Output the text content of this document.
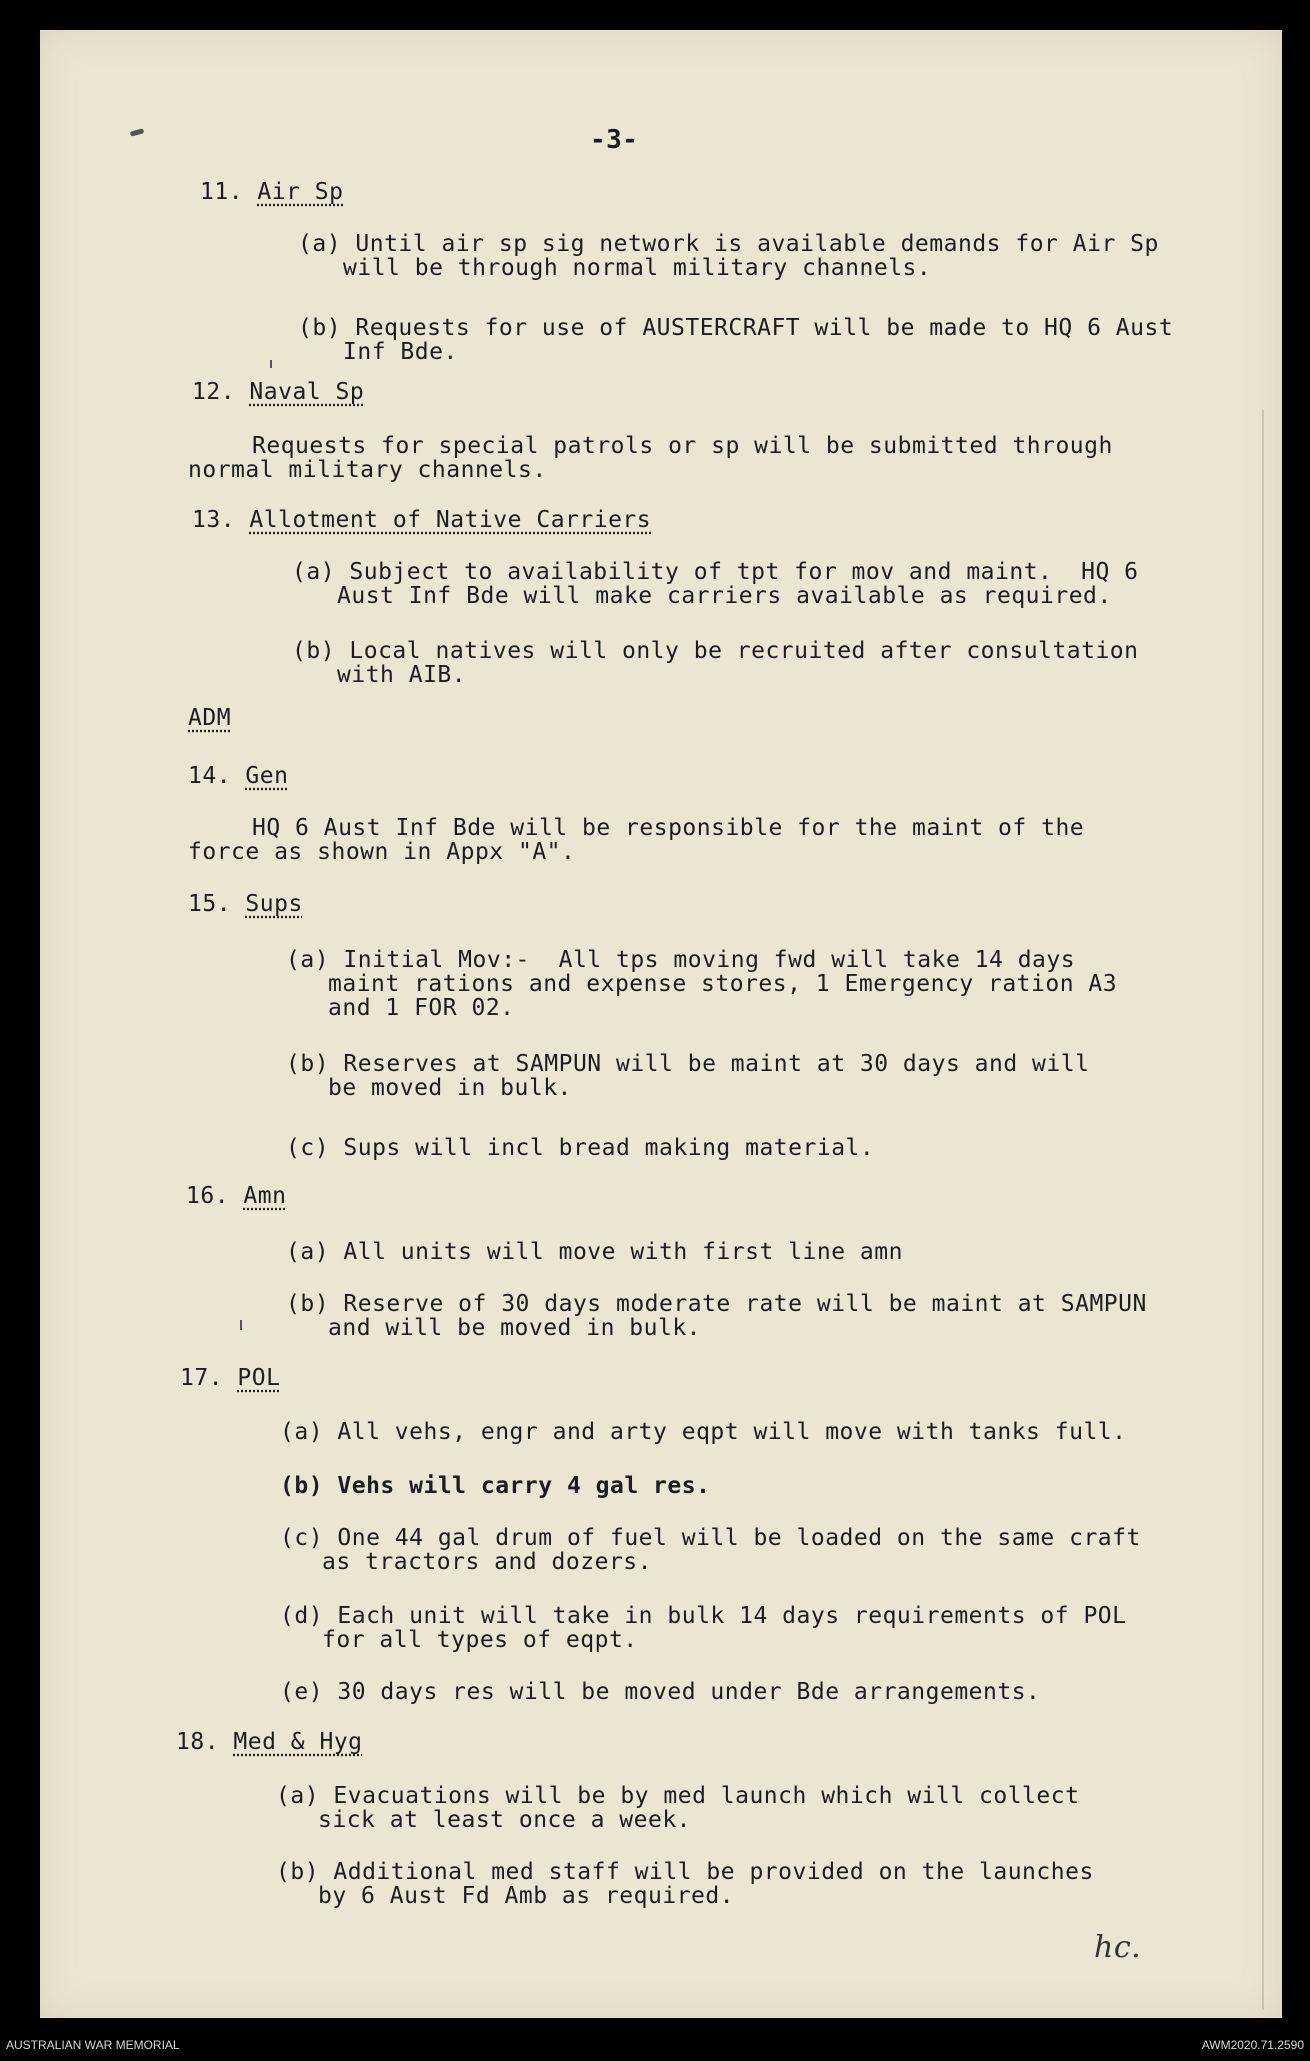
-3-
11. Air Sp
(a) Until air sp sig network is available demands for Air Sp
will be through normal military channels.
(b) Requests for use of AUSTERCRAFT will be made to HQ 6 Aust
Inf Bde.
12. Naval Sp
Requests for special patrols or sp will be submitted through
normal military channels.
13. Allotment of Native Carriers
(a) Subject to availability of tpt for mov and maint.  HQ 6
Aust Inf Bde will make carriers available as required.
(b) Local natives will only be recruited after consultation
with AIB.
ADM
14. Gen
HQ 6 Aust Inf Bde will be responsible for the maint of the
force as shown in Appx "A".
15. Sups
(a) Initial Mov:-  All tps moving fwd will take 14 days
maint rations and expense stores, 1 Emergency ration A3
and 1 FOR 02.
(b) Reserves at SAMPUN will be maint at 30 days and will
be moved in bulk.
(c) Sups will incl bread making material.
16. Amn
(a) All units will move with first line amn
(b) Reserve of 30 days moderate rate will be maint at SAMPUN
and will be moved in bulk.
17. POL
(a) All vehs, engr and arty eqpt will move with tanks full.
(b) Vehs will carry 4 gal res.
(c) One 44 gal drum of fuel will be loaded on the same craft
as tractors and dozers.
(d) Each unit will take in bulk 14 days requirements of POL
for all types of eqpt.
(e) 30 days res will be moved under Bde arrangements.
18. Med & Hyg
(a) Evacuations will be by med launch which will collect
sick at least once a week.
(b) Additional med staff will be provided on the launches
by 6 Aust Fd Amb as required.
hc.
AUSTRALIAN WAR MEMORIAL	AWM2020.71.2590
